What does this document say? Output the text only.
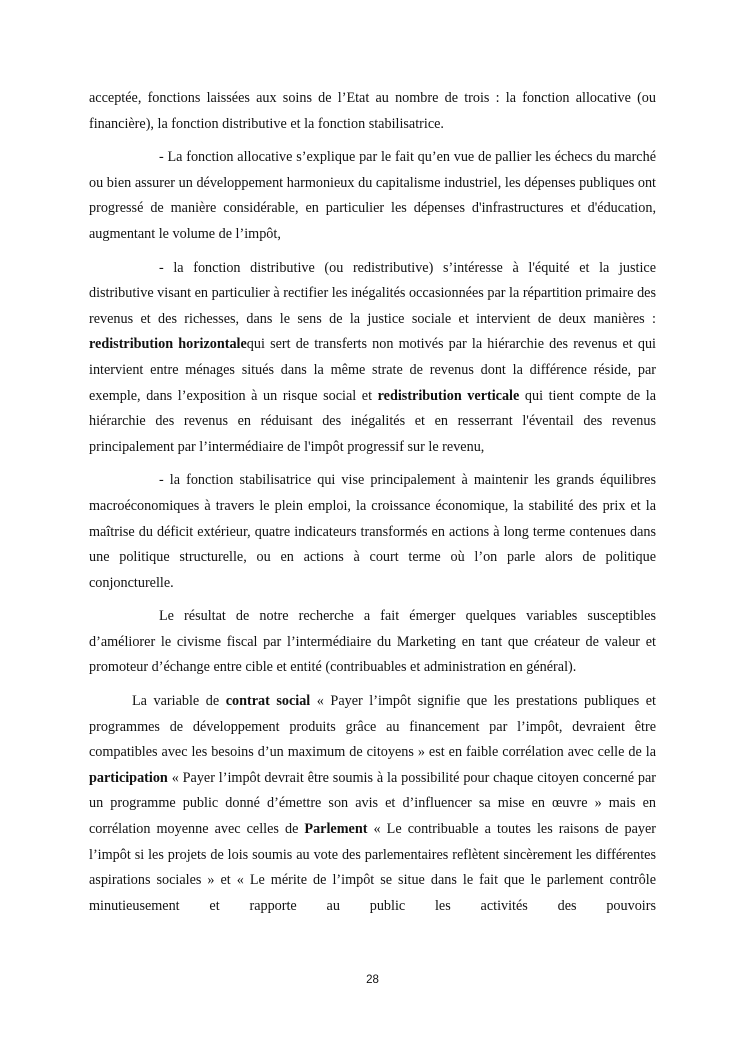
acceptée, fonctions laissées aux soins de l’Etat au nombre de trois : la fonction allocative (ou financière), la fonction distributive et la fonction stabilisatrice.

- La fonction allocative s’explique par le fait qu’en vue de pallier les échecs du marché ou bien assurer un développement harmonieux du capitalisme industriel, les dépenses publiques ont progressé de manière considérable, en particulier les dépenses d'infrastructures et d'éducation, augmentant le volume de l’impôt,

- la fonction distributive (ou redistributive) s’intéresse à l'équité et la justice distributive visant en particulier à rectifier les inégalités occasionnées par la répartition primaire des revenus et des richesses, dans le sens de la justice sociale et intervient de deux manières : redistribution horizontalequi sert de transferts non motivés par la hiérarchie des revenus et qui intervient entre ménages situés dans la même strate de revenus dont la différence réside, par exemple, dans l’exposition à un risque social et redistribution verticale qui tient compte de la hiérarchie des revenus en réduisant des inégalités et en resserrant l'éventail des revenus principalement par l’intermédiaire de l'impôt progressif sur le revenu,

- la fonction stabilisatrice qui vise principalement à maintenir les grands équilibres macroéconomiques à travers le plein emploi, la croissance économique, la stabilité des prix et la maîtrise du déficit extérieur, quatre indicateurs transformés en actions à long terme contenues dans une politique structurelle, ou en actions à court terme où l’on parle alors de politique conjoncturelle.

Le résultat de notre recherche a fait émerger quelques variables susceptibles d’améliorer le civisme fiscal par l’intermédiaire du Marketing en tant que créateur de valeur et promoteur d’échange entre cible et entité (contribuables et administration en général).

La variable de contrat social « Payer l’impôt signifie que les prestations publiques et programmes de développement produits grâce au financement par l’impôt, devraient être compatibles avec les besoins d’un maximum de citoyens » est en faible corrélation avec celle de la participation « Payer l’impôt devrait être soumis à la possibilité pour chaque citoyen concerné par un programme public donné d’émettre son avis et d’influencer sa mise en œuvre » mais en corrélation moyenne avec celles de Parlement « Le contribuable a toutes les raisons de payer l’impôt si les projets de lois soumis au vote des parlementaires reflètent sincèrement les différentes aspirations sociales » et « Le mérite de l’impôt se situe dans le fait que le parlement contrôle minutieusement et rapporte au public les activités des pouvoirs

28
